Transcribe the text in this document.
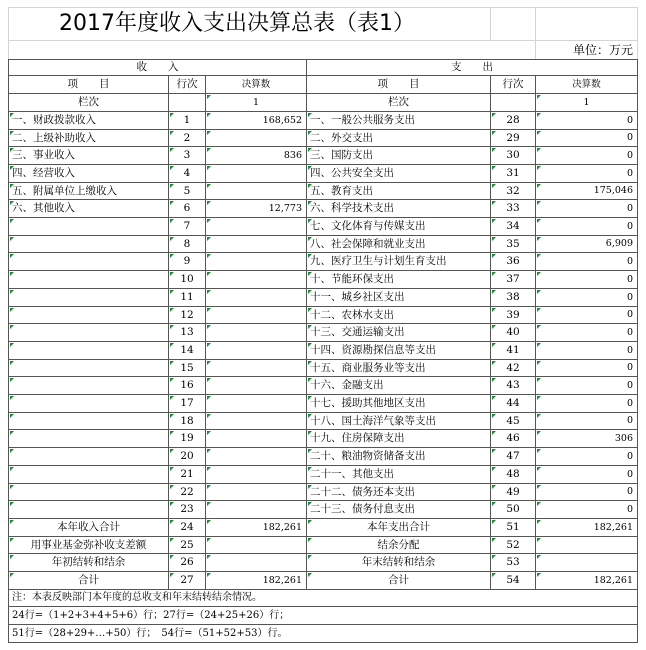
2017年度收入支出决算总表（表1）
单位：万元
收　　入	支　　出
项　　目	行次	决算数	项　　目	行次	决算数
栏次	1	栏次	1
一、财政拨款收入	1	168,652 一、一般公共服务支出	28	0
二、上级补助收入	2	二、外交支出	29	0
三、事业收入	3	836 三、国防支出	30	0
四、经营收入	4	四、公共安全支出	31	0
五、附属单位上缴收入	5	五、教育支出	32	175,046
六、其他收入	6	12,773 六、科学技术支出	33	0
7	七、文化体育与传媒支出	34	0
8	八、社会保障和就业支出	35	6,909
9	九、医疗卫生与计划生育支出	36	0
10	十、节能环保支出	37	0
11	十一、城乡社区支出	38	0
12	十二、农林水支出	39	0
13	十三、交通运输支出	40	0
14	十四、资源勘探信息等支出	41	0
15	十五、商业服务业等支出	42	0
16	十六、金融支出	43	0
17	十七、援助其他地区支出	44	0
18	十八、国土海洋气象等支出	45	0
19	十九、住房保障支出	46	306
20	二十、粮油物资储备支出	47	0
21	二十一、其他支出	48	0
22	二十二、债务还本支出	49	0
23	二十三、债务付息支出	50	0
本年收入合计	24	182,261	本年支出合计	51	182,261
用事业基金弥补收支差额	25	结余分配	52
年初结转和结余	26	年末结转和结余	53
合计	27	182,261	合计	54	182,261
注：本表反映部门本年度的总收支和年末结转结余情况。
24行=（1+2+3+4+5+6）行；27行=（24+25+26）行；
51行=（28+29+…+50）行；　54行=（51+52+53）行。
